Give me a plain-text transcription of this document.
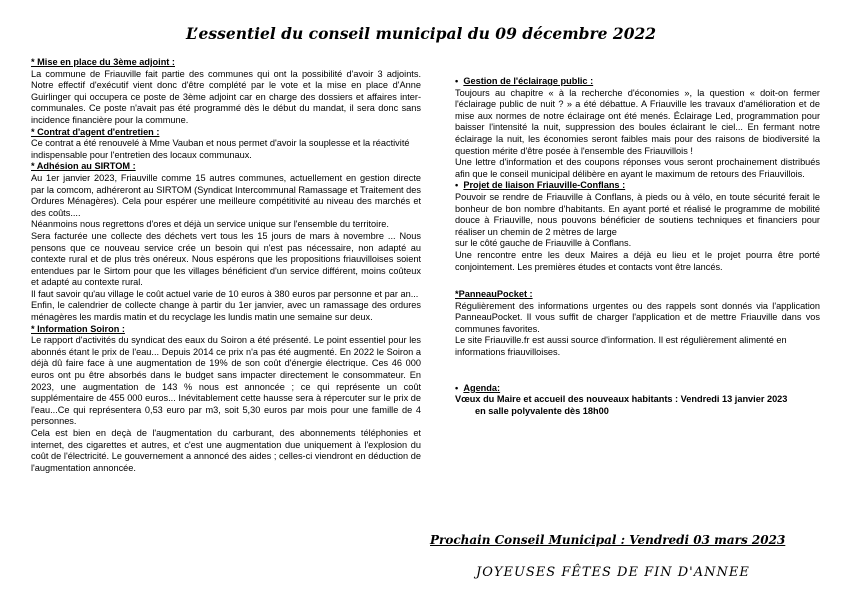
L’essentiel du conseil municipal du 09 décembre 2022

* Mise en place du 3ème adjoint :

La commune de Friauville fait partie des communes qui ont la possibilité d'avoir 3 adjoints. Notre effectif d'exécutif vient donc d'être complété par le vote et la mise en place d'Anne Guirlinger qui occupera ce poste de 3ème adjoint car en charge des dossiers et affaires inter-communales. Ce poste n'avait pas été programmé dès le début du mandat, il sera donc sans incidence financière pour la commune.

* Contrat d'agent d'entretien :

Ce contrat a été renouvelé à Mme Vauban et nous permet d'avoir la souplesse et la réactivité indispensable pour l'entretien des locaux communaux.

* Adhésion au SIRTOM :

Au 1er janvier 2023, Friauville comme 15 autres communes, actuellement en gestion directe par la comcom, adhéreront au SIRTOM (Syndicat Intercommunal Ramassage et Traitement des Ordures Ménagères). Cela pour espérer une meilleure compétitivité au niveau des marchés et des coûts....

Néanmoins nous regrettons d'ores et déjà un service unique sur l'ensemble du territoire.

Sera facturée une collecte des déchets vert tous les 15 jours de mars à novembre ... Nous pensons que ce nouveau service crée un besoin qui n'est pas nécessaire, non adapté au contexte rural et de plus très onéreux. Nous espérons que les propositions friauvilloises soient entendues par le Sirtom pour que les villages bénéficient d'un service différent, moins coûteux et adapté au contexte rural.

Il faut savoir qu'au village le coût actuel varie de 10 euros à 380 euros par personne et par an...

Enfin, le calendrier de collecte change à partir du 1er janvier, avec un ramassage des ordures ménagères les mardis matin et du recyclage les lundis matin une semaine sur deux.

* Information Soiron :

Le rapport d'activités du syndicat des eaux du Soiron a été présenté. Le point essentiel pour les abonnés étant le prix de l'eau... Depuis 2014 ce prix n'a pas été augmenté. En 2022 le Soiron a déjà dû faire face à une augmentation de 19% de son coût d'énergie électrique. Ces 46 000 euros ont pu être absorbés dans le budget sans impacter directement le consommateur. En 2023, une augmentation de 143 % nous est annoncée ; ce qui représente un coût supplémentaire de 455 000 euros... Inévitablement cette hausse sera à répercuter sur le prix de l'eau...Ce qui représentera 0,53 euro par m3, soit 5,30 euros par mois pour une famille de 4 personnes.

Cela est bien en deçà de l'augmentation du carburant, des abonnements téléphonies et internet, des cigarettes et autres, et c'est une augmentation due uniquement à l'explosion du coût de l'électricité. Le gouvernement a annoncé des aides ; celles-ci viendront en déduction de l'augmentation annoncée.

•  Gestion de l'éclairage public :

Toujours au chapitre « à la recherche d'économies », la question « doit-on fermer l'éclairage public de nuit ? » a été débattue. A Friauville les travaux d'amélioration et de mise aux normes de notre éclairage ont été menés. Éclairage Led, programmation pour baisser l'intensité la nuit, suppression des boules éclairant le ciel... En fermant notre éclairage la nuit, les économies seront faibles mais pour des raisons de biodiversité la question mérite d'être posée à l'ensemble des Friauvillois !

Une lettre d'information et des coupons réponses vous seront prochainement distribués afin que le conseil municipal délibère en ayant le maximum de retours des Friauvillois.

•  Projet de liaison Friauville-Conflans :

Pouvoir se rendre de Friauville à Conflans, à pieds ou à vélo, en toute sécurité ferait le bonheur de bon nombre d'habitants. En ayant porté et réalisé le programme de mobilité douce à Friauville, nous pouvons bénéficier de soutiens techniques et financiers pour réaliser un chemin de 2 mètres de large

sur le côté gauche de Friauville à Conflans.

Une rencontre entre les deux Maires a déjà eu lieu et le projet pourra être porté conjointement. Les premières études et contacts vont être lancés.

*PanneauPocket :

Régulièrement des informations urgentes ou des rappels sont donnés via l'application PanneauPocket. Il vous suffit de charger l'application et de mettre Friauville dans vos communes favorites.

Le site Friauville.fr est aussi source d'information. Il est régulièrement alimenté en informations friauvilloises.

•  Agenda:

Vœux du Maire et accueil des nouveaux habitants : Vendredi 13 janvier 2023

en salle polyvalente dès 18h00

Prochain Conseil Municipal : Vendredi 03 mars 2023
JOYEUSES FÊTES DE FIN D'ANNEE
